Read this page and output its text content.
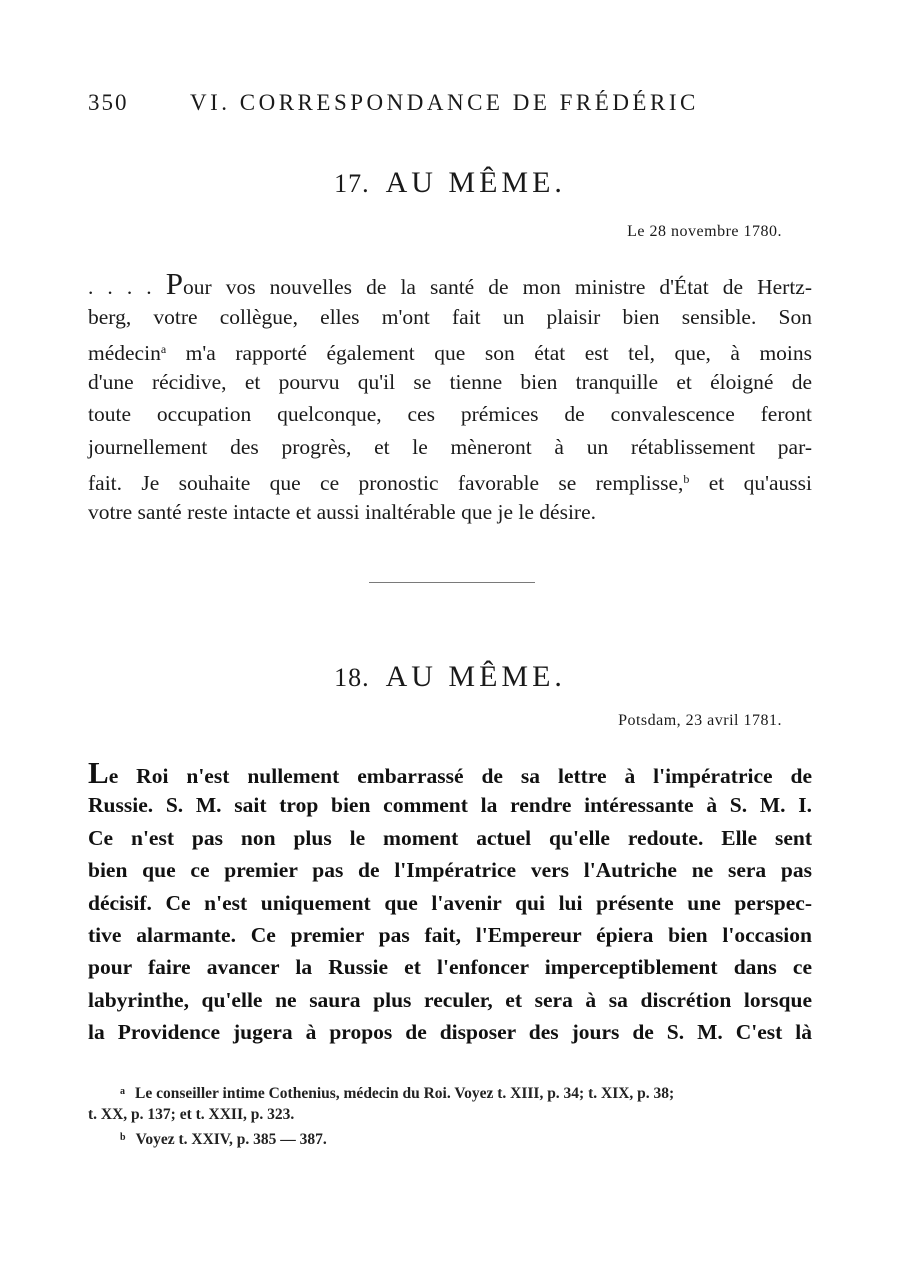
350	VI. CORRESPONDANCE DE FRÉDÉRIC
17. AU MÊME.
Le 28 novembre 1780.
. . . . Pour vos nouvelles de la santé de mon ministre d'État de Hertz-
berg, votre collègue, elles m'ont fait un plaisir bien sensible. Son
médecin$^a$ m'a rapporté également que son état est tel, que, à moins
d'une récidive, et pourvu qu'il se tienne bien tranquille et éloigné de
toute occupation quelconque, ces prémices de convalescence feront
journellement des progrès, et le mèneront à un rétablissement par-
fait. Je souhaite que ce pronostic favorable se remplisse,$^b$ et qu'aussi
votre santé reste intacte et aussi inaltérable que je le désire.
18. AU MÊME.
Potsdam, 23 avril 1781.
Le Roi n'est nullement embarrassé de sa lettre à l'impératrice de
Russie. S. M. sait trop bien comment la rendre intéressante à S. M. I.
Ce n'est pas non plus le moment actuel qu'elle redoute. Elle sent
bien que ce premier pas de l'Impératrice vers l'Autriche ne sera pas
décisif. Ce n'est uniquement que l'avenir qui lui présente une perspec-
tive alarmante. Ce premier pas fait, l'Empereur épiera bien l'occasion
pour faire avancer la Russie et l'enfoncer imperceptiblement dans ce
labyrinthe, qu'elle ne saura plus reculer, et sera à sa discrétion lorsque
la Providence jugera à propos de disposer des jours de S. M. C'est là
$^a$ Le conseiller intime Cothenius, médecin du Roi. Voyez t. XIII, p. 34; t. XIX, p. 38;
t. XX, p. 137; et t. XXII, p. 323.
$^b$ Voyez t. XXIV, p. 385 — 387.
